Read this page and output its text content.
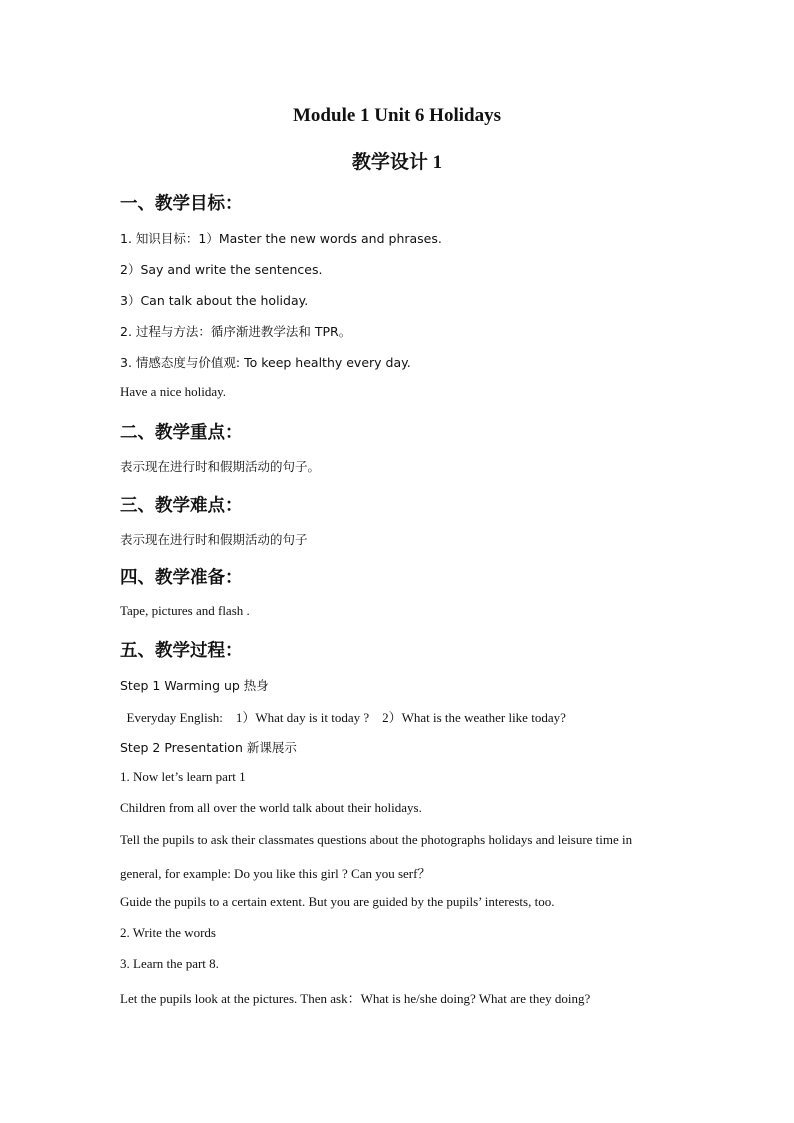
Module 1 Unit 6 Holidays
教学设计 1
一、教学目标：
1. 知识目标：1）Master the new words and phrases.
2）Say and write the sentences.
3）Can talk about the holiday.
2. 过程与方法：循序渐进教学法和 TPR。
3. 情感态度与价值观: To keep healthy every day.
Have a nice holiday.
二、教学重点：
表示现在进行时和假期活动的句子。
三、教学难点：
表示现在进行时和假期活动的句子
四、教学准备：
Tape, pictures and flash .
五、教学过程：
Step 1 Warming up 热身
Everyday English:    1）What day is it today ?    2）What is the weather like today?
Step 2 Presentation 新课展示
1. Now let’s learn part 1
Children from all over the world talk about their holidays.
Tell the pupils to ask their classmates questions about the photographs holidays and leisure time in
general, for example: Do you like this girl ? Can you serf？
Guide the pupils to a certain extent. But you are guided by the pupils’ interests, too.
2. Write the words
3. Learn the part 8.
Let the pupils look at the pictures. Then ask：What is he/she doing? What are they doing?
